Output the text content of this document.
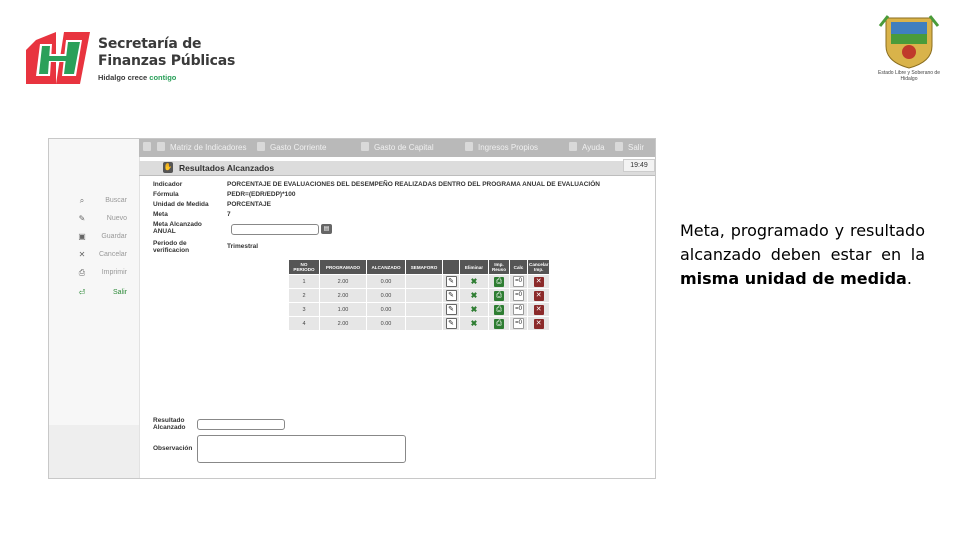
Secretaría de
Finanzas Públicas
Hidalgo crece contigo	Estado Libre y Soberano de Hidalgo
⌕	Buscar
✎	Nuevo
▣ Guardar
✕ Cancelar
⎙ Imprimir
⏎	Salir
Matriz de Indicadores	Gasto Corriente	Gasto de Capital	Ingresos Propios	Ayuda	Salir
✋ Resultados Alcanzados	19:49
Indicador	PORCENTAJE DE EVALUACIONES DEL DESEMPEÑO REALIZADAS DENTRO DEL PROGRAMA ANUAL DE EVALUACIÓN
Fórmula	PEDR=(EDR/EDP)*100
Unidad de Medida	PORCENTAJE
Meta	7
Meta Alcanzado ANUAL	▤
Periodo de verificacion
Trimestral
NO PERIODO	PROGRAMADO	ALCANZADO	SEMAFORO		Eliminar	Imp. Reuso	Calc	Cancelar Imp.
1	2.00	0.00		✎	✖	⎙	=0	✕
2	2.00	0.00		✎	✖	⎙	=0	✕
3	1.00	0.00		✎	✖	⎙	=0	✕
4	2.00	0.00		✎	✖	⎙	=0	✕
Resultado Alcanzado
Observación
Meta, programado y resultado alcanzado deben estar en la misma unidad de medida.
